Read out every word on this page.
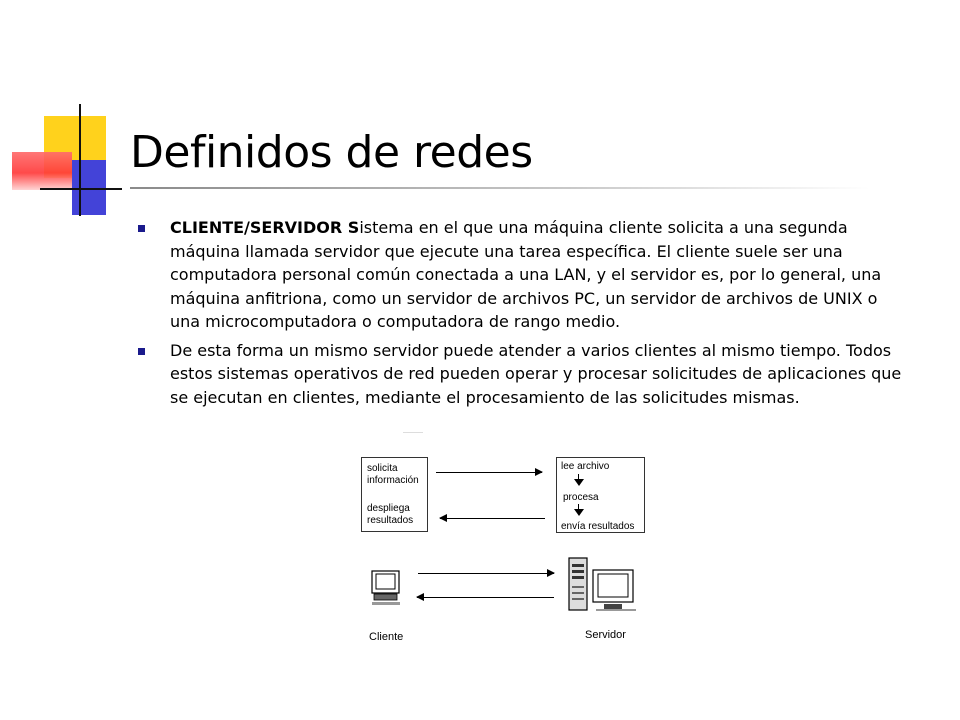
Definidos de redes
CLIENTE/SERVIDOR Sistema en el que una máquina cliente solicita a una segunda máquina llamada servidor que ejecute una tarea específica. El cliente suele ser una computadora personal común conectada a una LAN, y el servidor es, por lo general, una máquina anfitriona, como un servidor de archivos PC, un servidor de archivos de UNIX o una microcomputadora o computadora de rango medio.
De esta forma un mismo servidor puede atender a varios clientes al mismo tiempo. Todos estos sistemas operativos de red pueden operar y procesar solicitudes de aplicaciones que se ejecutan en clientes, mediante el procesamiento de las solicitudes mismas.
solicita
información
despliega
resultados
lee archivo
procesa
envía resultados
Cliente	Servidor
